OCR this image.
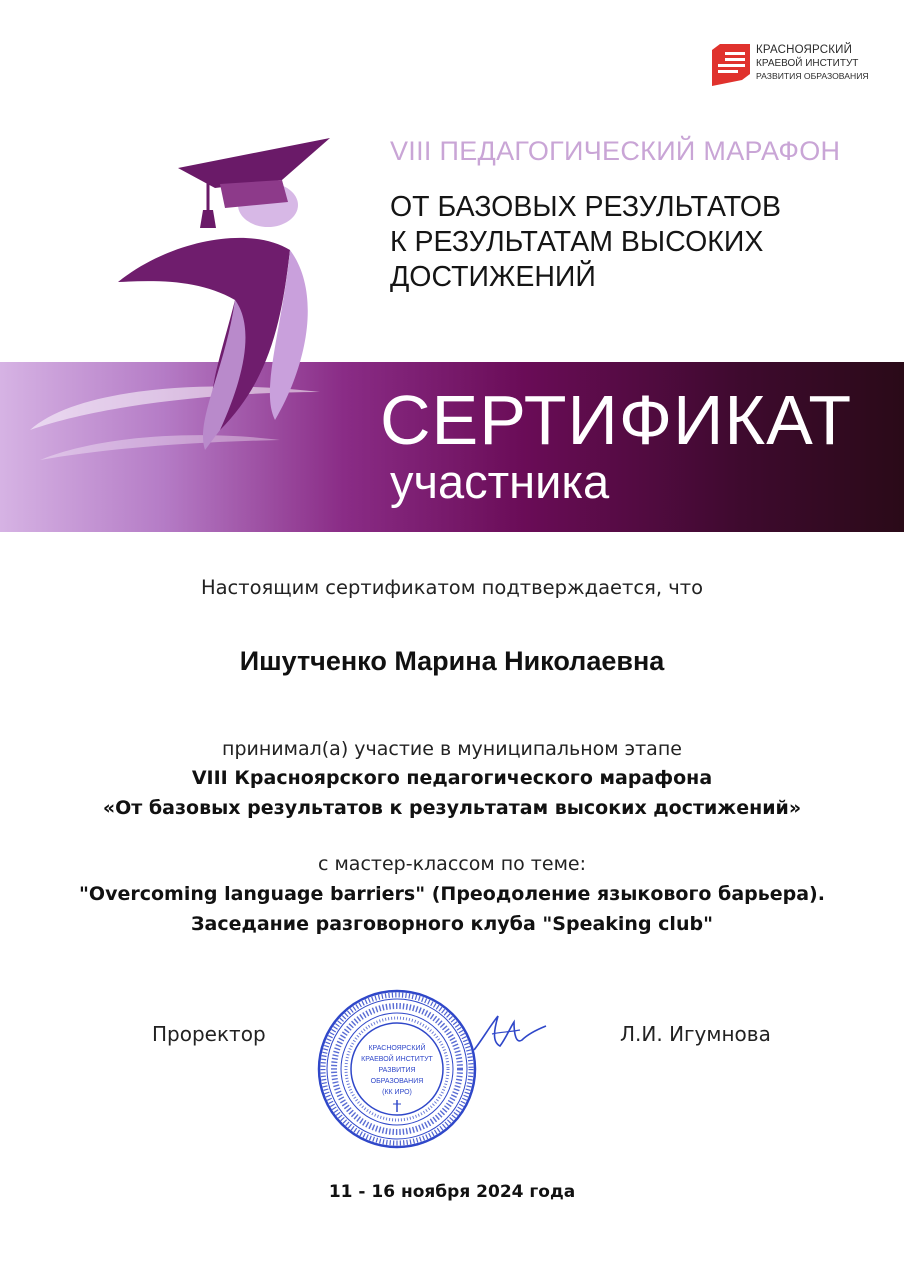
КРАСНОЯРСКИЙ
КРАЕВОЙ ИНСТИТУТ
РАЗВИТИЯ ОБРАЗОВАНИЯ
VIII ПЕДАГОГИЧЕСКИЙ МАРАФОН
ОТ БАЗОВЫХ РЕЗУЛЬТАТОВ
К РЕЗУЛЬТАТАМ ВЫСОКИХ
ДОСТИЖЕНИЙ
СЕРТИФИКАТ
участника
Настоящим сертификатом подтверждается, что
Ишутченко Марина Николаевна
принимал(а) участие в муниципальном этапе
VIII Красноярского педагогического марафона
«От базовых результатов к результатам высоких достижений»
с мастер-классом по теме:
"Overcoming language barriers" (Преодоление языкового барьера).
Заседание разговорного клуба "Speaking club"
Проректор
КРАСНОЯРСКИЙ
КРАЕВОЙ ИНСТИТУТ
РАЗВИТИЯ
ОБРАЗОВАНИЯ
(КК ИРО)
Л.И. Игумнова
11 - 16 ноября 2024 года
